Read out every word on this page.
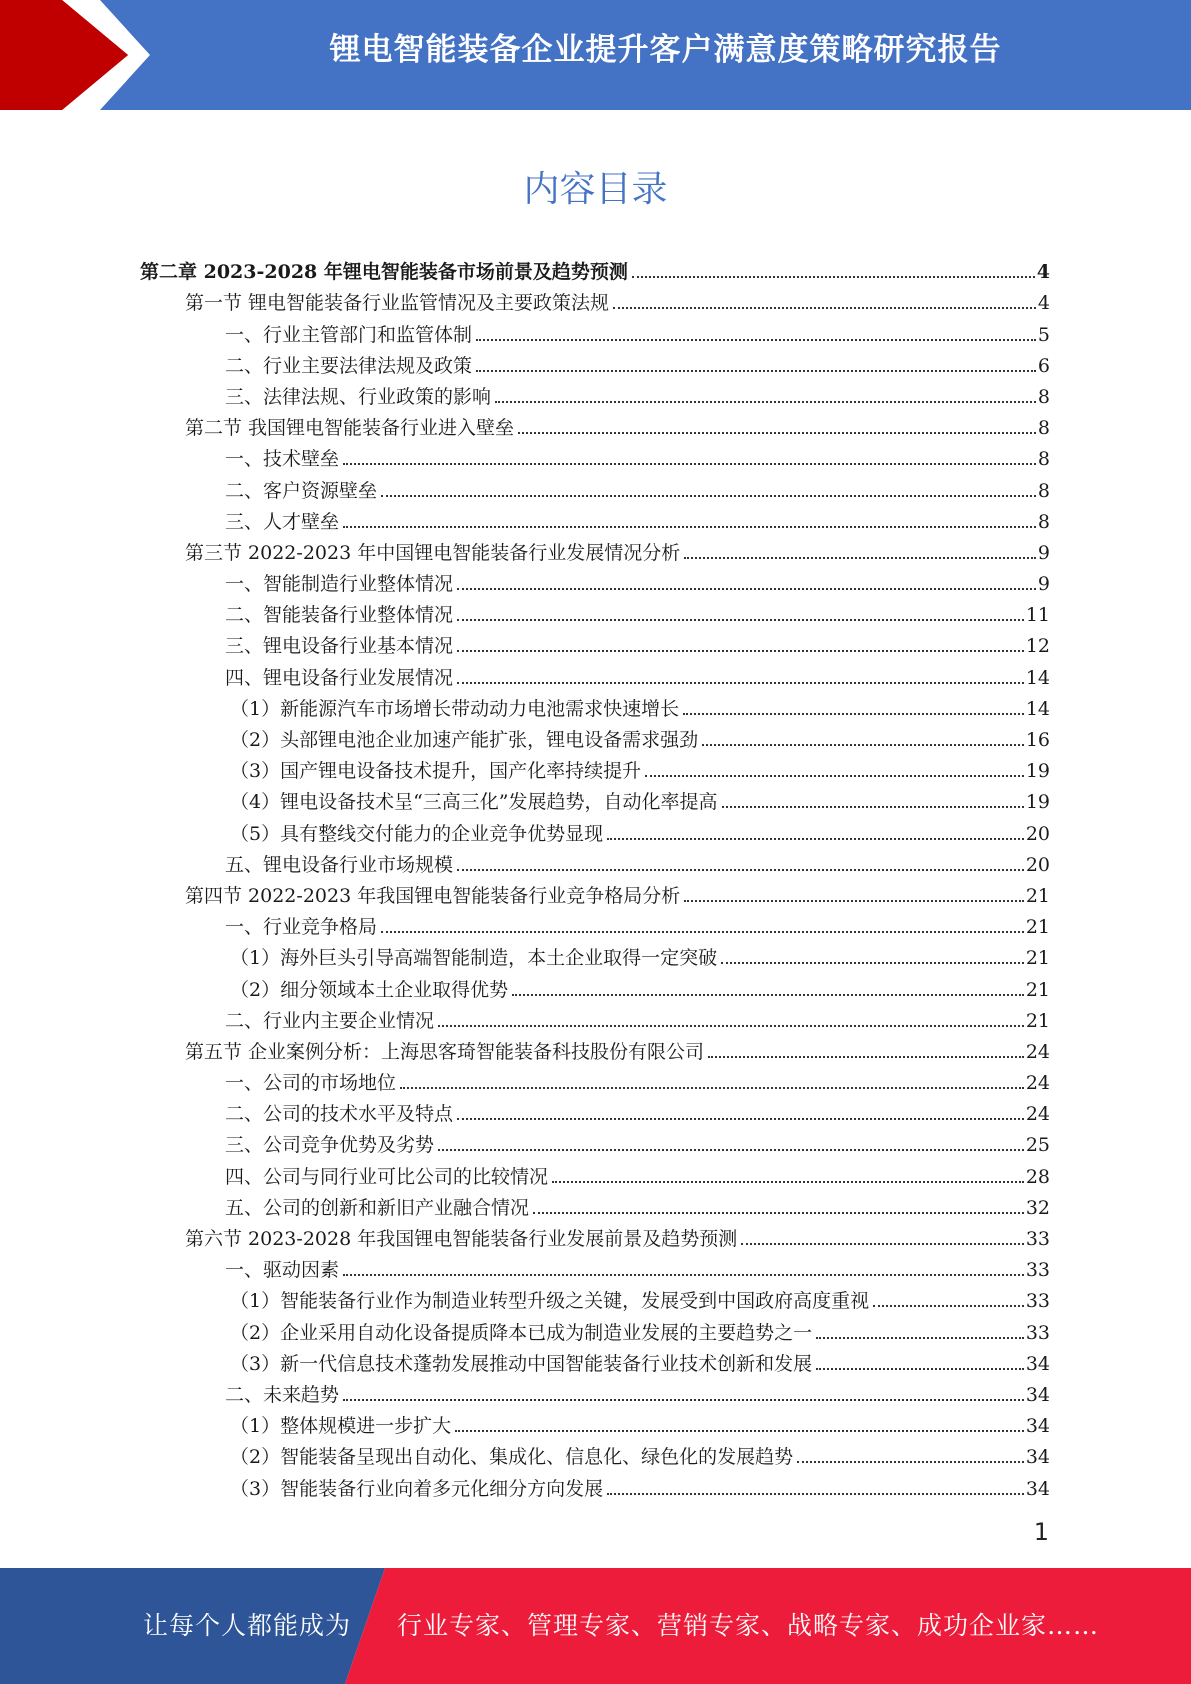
锂电智能装备企业提升客户满意度策略研究报告
内容目录
第二章 2023-2028 年锂电智能装备市场前景及趋势预测	4
第一节 锂电智能装备行业监管情况及主要政策法规	4
一、行业主管部门和监管体制	5
二、行业主要法律法规及政策	6
三、法律法规、行业政策的影响	8
第二节 我国锂电智能装备行业进入壁垒	8
一、技术壁垒	8
二、客户资源壁垒	8
三、人才壁垒	8
第三节 2022-2023 年中国锂电智能装备行业发展情况分析	9
一、智能制造行业整体情况	9
二、智能装备行业整体情况	11
三、锂电设备行业基本情况	12
四、锂电设备行业发展情况	14
（1）新能源汽车市场增长带动动力电池需求快速增长	14
（2）头部锂电池企业加速产能扩张，锂电设备需求强劲	16
（3）国产锂电设备技术提升，国产化率持续提升	19
（4）锂电设备技术呈“三高三化”发展趋势，自动化率提高	19
（5）具有整线交付能力的企业竞争优势显现	20
五、锂电设备行业市场规模	20
第四节 2022-2023 年我国锂电智能装备行业竞争格局分析	21
一、行业竞争格局	21
（1）海外巨头引导高端智能制造，本土企业取得一定突破	21
（2）细分领域本土企业取得优势	21
二、行业内主要企业情况	21
第五节 企业案例分析：上海思客琦智能装备科技股份有限公司	24
一、公司的市场地位	24
二、公司的技术水平及特点	24
三、公司竞争优势及劣势	25
四、公司与同行业可比公司的比较情况	28
五、公司的创新和新旧产业融合情况	32
第六节 2023-2028 年我国锂电智能装备行业发展前景及趋势预测	33
一、驱动因素	33
（1）智能装备行业作为制造业转型升级之关键，发展受到中国政府高度重视	33
（2）企业采用自动化设备提质降本已成为制造业发展的主要趋势之一	33
（3）新一代信息技术蓬勃发展推动中国智能装备行业技术创新和发展	34
二、未来趋势	34
（1）整体规模进一步扩大	34
（2）智能装备呈现出自动化、集成化、信息化、绿色化的发展趋势	34
（3）智能装备行业向着多元化细分方向发展	34
1
让每个人都能成为 行业专家、管理专家、营销专家、战略专家、成功企业家……
